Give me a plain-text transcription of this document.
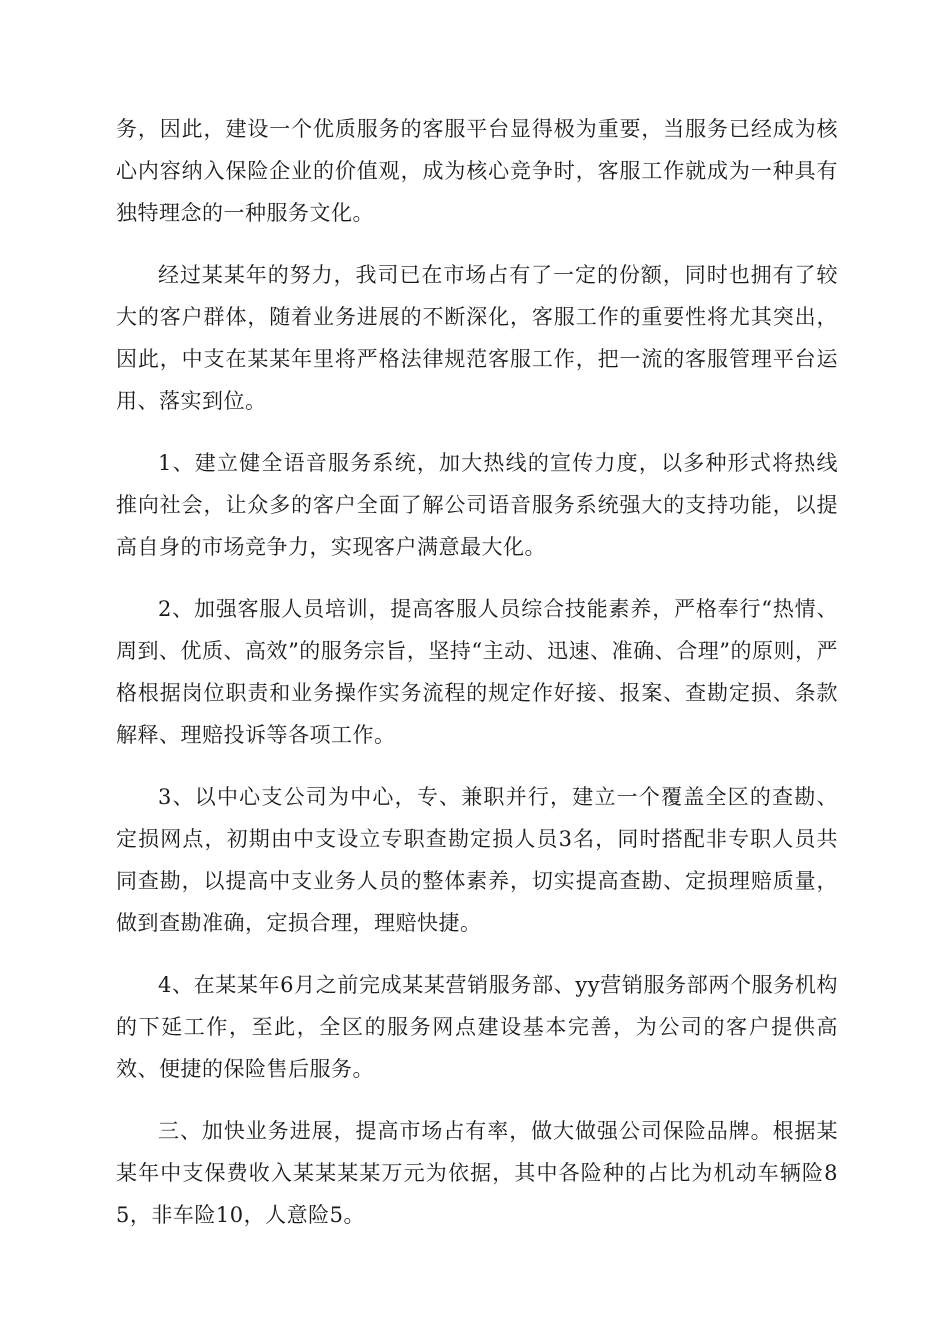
务，因此，建设一个优质服务的客服平台显得极为重要，当服务已经成为核心内容纳入保险企业的价值观，成为核心竞争时，客服工作就成为一种具有独特理念的一种服务文化。

经过某某年的努力，我司已在市场占有了一定的份额，同时也拥有了较大的客户群体，随着业务进展的不断深化，客服工作的重要性将尤其突出，因此，中支在某某年里将严格法律规范客服工作，把一流的客服管理平台运用、落实到位。

1、建立健全语音服务系统，加大热线的宣传力度，以多种形式将热线推向社会，让众多的客户全面了解公司语音服务系统强大的支持功能，以提高自身的市场竞争力，实现客户满意最大化。

2、加强客服人员培训，提高客服人员综合技能素养，严格奉行“热情、周到、优质、高效”的服务宗旨，坚持“主动、迅速、准确、合理”的原则，严格根据岗位职责和业务操作实务流程的规定作好接、报案、查勘定损、条款解释、理赔投诉等各项工作。

3、以中心支公司为中心，专、兼职并行，建立一个覆盖全区的查勘、定损网点，初期由中支设立专职查勘定损人员3名，同时搭配非专职人员共同查勘，以提高中支业务人员的整体素养，切实提高查勘、定损理赔质量，做到查勘准确，定损合理，理赔快捷。

4、在某某年6月之前完成某某营销服务部、yy营销服务部两个服务机构的下延工作，至此，全区的服务网点建设基本完善，为公司的客户提供高效、便捷的保险售后服务。

三、加快业务进展，提高市场占有率，做大做强公司保险品牌。根据某某年中支保费收入某某某某万元为依据，其中各险种的占比为机动车辆险85，非车险10，人意险5。
